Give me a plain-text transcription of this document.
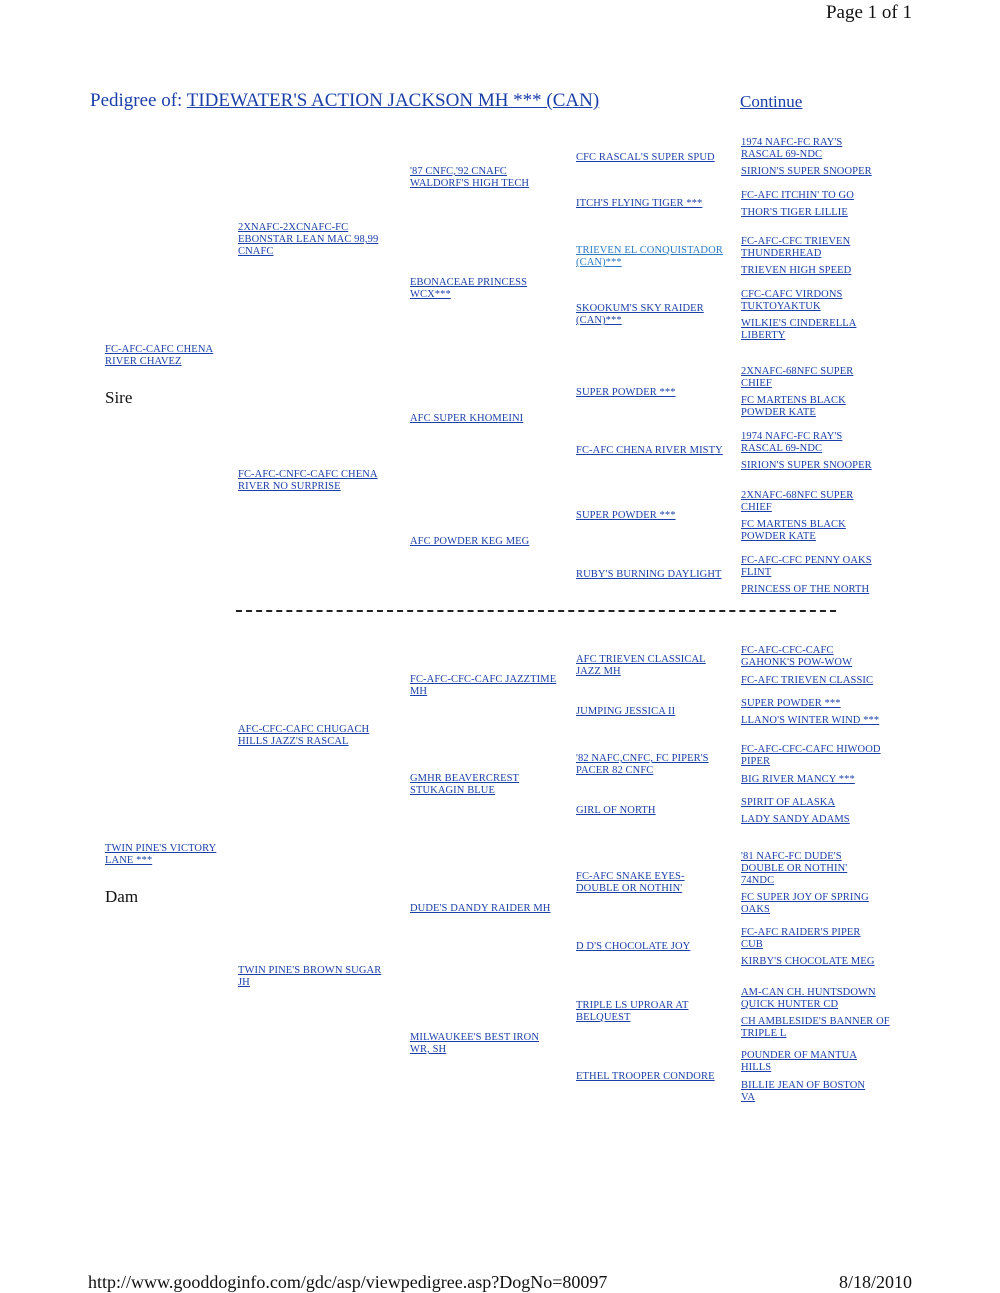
Page 1 of 1
Pedigree of: TIDEWATER'S ACTION JACKSON MH *** (CAN)	Continue
FC-AFC-CAFC CHENA RIVER CHAVEZ
Sire
2XNAFC-2XCNAFC-FC EBONSTAR LEAN MAC 98,99 CNAFC
FC-AFC-CNFC-CAFC CHENA RIVER NO SURPRISE
'87 CNFC,'92 CNAFC WALDORF'S HIGH TECH
EBONACEAE PRINCESS WCX***
AFC SUPER KHOMEINI
AFC POWDER KEG MEG
CFC RASCAL'S SUPER SPUD
ITCH'S FLYING TIGER ***
TRIEVEN EL CONQUISTADOR (CAN)***
SKOOKUM'S SKY RAIDER (CAN)***
SUPER POWDER ***
FC-AFC CHENA RIVER MISTY
SUPER POWDER ***
RUBY'S BURNING DAYLIGHT
1974 NAFC-FC RAY'S RASCAL 69-NDC
SIRION'S SUPER SNOOPER
FC-AFC ITCHIN' TO GO
THOR'S TIGER LILLIE
FC-AFC-CFC TRIEVEN THUNDERHEAD
TRIEVEN HIGH SPEED
CFC-CAFC VIRDONS TUKTOYAKTUK
WILKIE'S CINDERELLA LIBERTY
2XNAFC-68NFC SUPER CHIEF
FC MARTENS BLACK POWDER KATE
1974 NAFC-FC RAY'S RASCAL 69-NDC
SIRION'S SUPER SNOOPER
2XNAFC-68NFC SUPER CHIEF
FC MARTENS BLACK POWDER KATE
FC-AFC-CFC PENNY OAKS FLINT
PRINCESS OF THE NORTH
TWIN PINE'S VICTORY LANE ***
Dam
AFC-CFC-CAFC CHUGACH HILLS JAZZ'S RASCAL
TWIN PINE'S BROWN SUGAR JH
FC-AFC-CFC-CAFC JAZZTIME MH
GMHR BEAVERCREST STUKAGIN BLUE
DUDE'S DANDY RAIDER MH
MILWAUKEE'S BEST IRON WR, SH
AFC TRIEVEN CLASSICAL JAZZ MH
JUMPING JESSICA II
'82 NAFC,CNFC, FC PIPER'S PACER 82 CNFC
GIRL OF NORTH
FC-AFC SNAKE EYES-DOUBLE OR NOTHIN'
D D'S CHOCOLATE JOY
TRIPLE LS UPROAR AT BELQUEST
ETHEL TROOPER CONDORE
FC-AFC-CFC-CAFC GAHONK'S POW-WOW
FC-AFC TRIEVEN CLASSIC
SUPER POWDER ***
LLANO'S WINTER WIND ***
FC-AFC-CFC-CAFC HIWOOD PIPER
BIG RIVER MANCY ***
SPIRIT OF ALASKA
LADY SANDY ADAMS
'81 NAFC-FC DUDE'S DOUBLE OR NOTHIN' 74NDC
FC SUPER JOY OF SPRING OAKS
FC-AFC RAIDER'S PIPER CUB
KIRBY'S CHOCOLATE MEG
AM-CAN CH. HUNTSDOWN QUICK HUNTER CD
CH AMBLESIDE'S BANNER OF TRIPLE L
POUNDER OF MANTUA HILLS
BILLIE JEAN OF BOSTON VA
http://www.gooddoginfo.com/gdc/asp/viewpedigree.asp?DogNo=80097	8/18/2010
